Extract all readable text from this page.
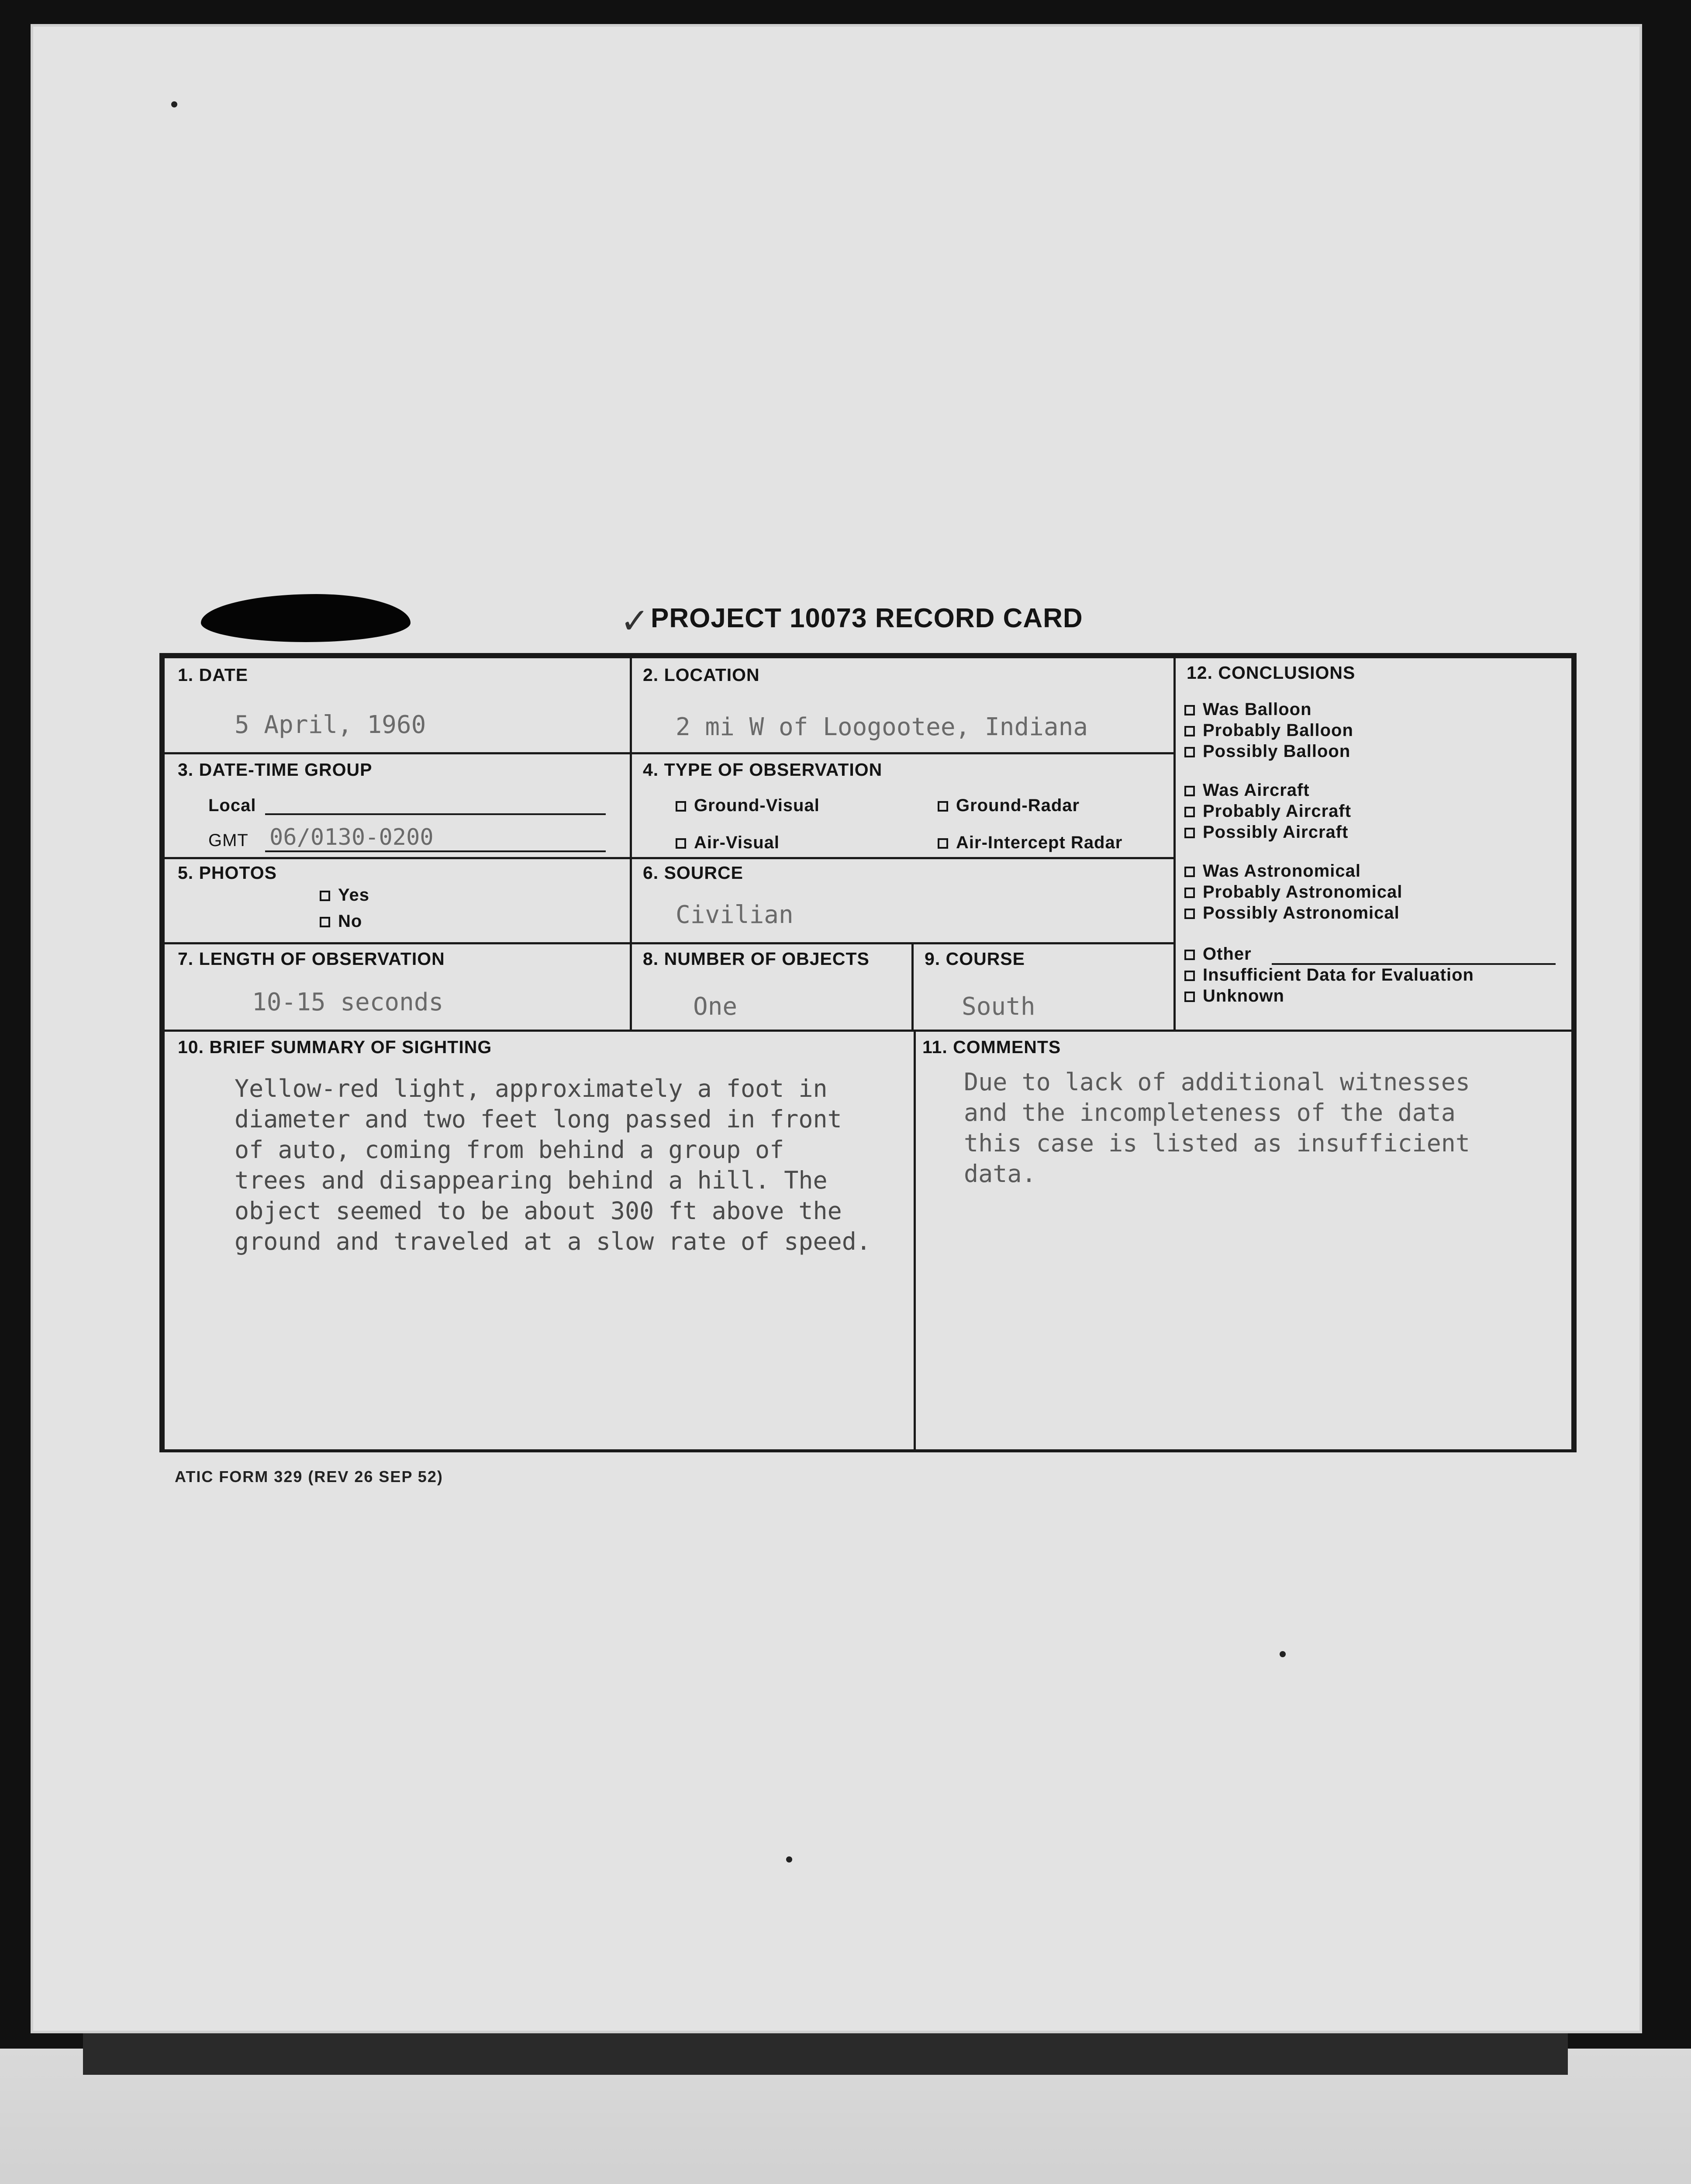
✓ PROJECT 10073 RECORD CARD
1. DATE
5 April, 1960
2. LOCATION
2 mi W of Loogootee, Indiana
3. DATE-TIME GROUP
Local
GMT 06/0130-0200
4. TYPE OF OBSERVATION
Ground-Visual	Ground-Radar
Air-Visual	Air-Intercept Radar
5. PHOTOS
Yes
No
6. SOURCE
Civilian
7. LENGTH OF OBSERVATION
10-15 seconds
8. NUMBER OF OBJECTS
One
9. COURSE
South
12. CONCLUSIONS
Was Balloon
Probably Balloon
Possibly Balloon
Was Aircraft
Probably Aircraft
Possibly Aircraft
Was Astronomical
Probably Astronomical
Possibly Astronomical
Other
Insufficient Data for Evaluation
Unknown
10. BRIEF SUMMARY OF SIGHTING
Yellow-red light, approximately a foot in
diameter and two feet long passed in front
of auto, coming from behind a group of
trees and disappearing behind a hill. The
object seemed to be about 300 ft above the
ground and traveled at a slow rate of speed.
11. COMMENTS
Due to lack of additional witnesses
and the incompleteness of the data
this case is listed as insufficient
data.
ATIC FORM 329 (REV 26 SEP 52)
